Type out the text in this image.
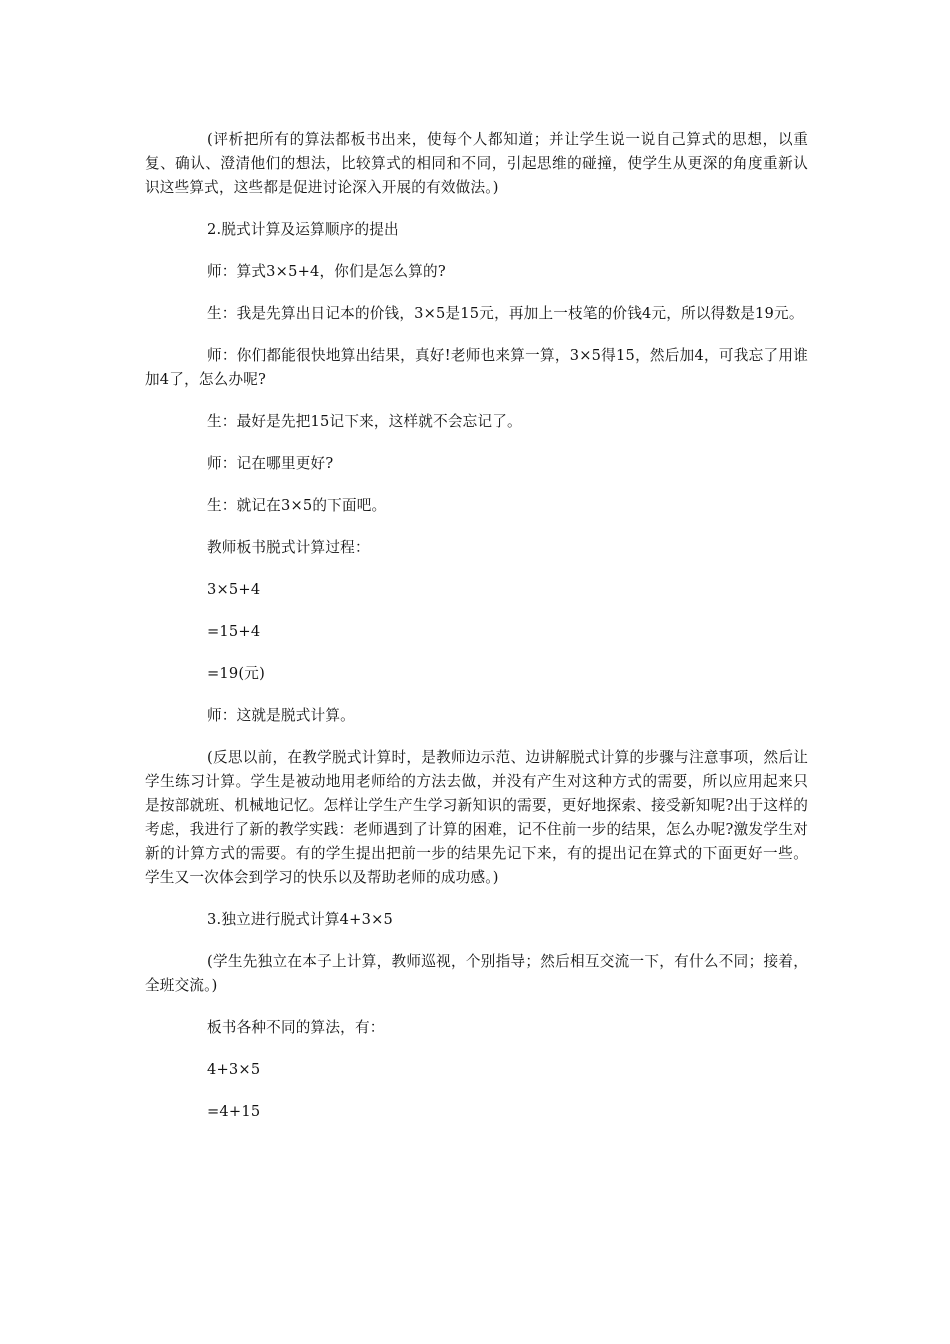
(评析把所有的算法都板书出来，使每个人都知道；并让学生说一说自己算式的思想，以重复、确认、澄清他们的想法，比较算式的相同和不同，引起思维的碰撞，使学生从更深的角度重新认识这些算式，这些都是促进讨论深入开展的有效做法。)

2.脱式计算及运算顺序的提出

师：算式3×5+4，你们是怎么算的?

生：我是先算出日记本的价钱，3×5是15元，再加上一枝笔的价钱4元，所以得数是19元。

师：你们都能很快地算出结果，真好!老师也来算一算，3×5得15，然后加4，可我忘了用谁加4了，怎么办呢?

生：最好是先把15记下来，这样就不会忘记了。

师：记在哪里更好?

生：就记在3×5的下面吧。

教师板书脱式计算过程：

3×5+4

=15+4

=19(元)

师：这就是脱式计算。

(反思以前，在教学脱式计算时，是教师边示范、边讲解脱式计算的步骤与注意事项，然后让学生练习计算。学生是被动地用老师给的方法去做，并没有产生对这种方式的需要，所以应用起来只是按部就班、机械地记忆。怎样让学生产生学习新知识的需要，更好地探索、接受新知呢?出于这样的考虑，我进行了新的教学实践：老师遇到了计算的困难，记不住前一步的结果，怎么办呢?激发学生对新的计算方式的需要。有的学生提出把前一步的结果先记下来，有的提出记在算式的下面更好一些。学生又一次体会到学习的快乐以及帮助老师的成功感。)

3.独立进行脱式计算4+3×5

(学生先独立在本子上计算，教师巡视，个别指导；然后相互交流一下，有什么不同；接着，全班交流。)

板书各种不同的算法，有：

4+3×5

=4+15
